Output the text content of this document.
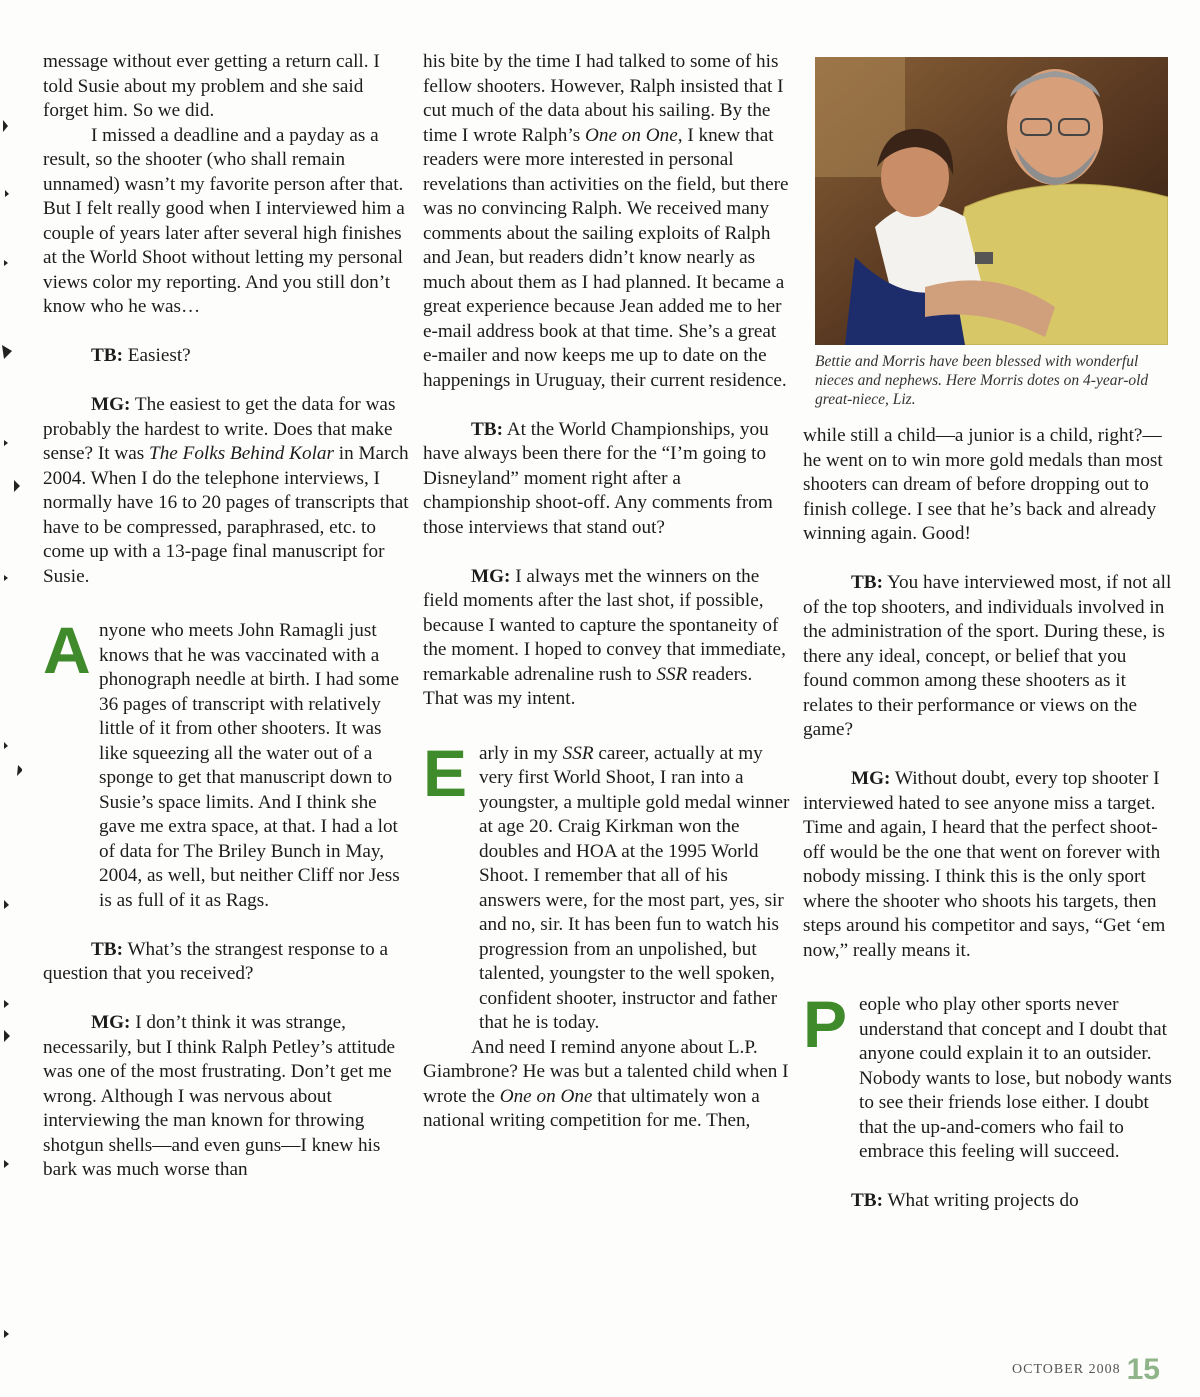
message without ever getting a return call. I told Susie about my problem and she said forget him. So we did.

I missed a deadline and a payday as a result, so the shooter (who shall remain unnamed) wasn’t my favorite person after that. But I felt really good when I interviewed him a couple of years later after several high finishes at the World Shoot without letting my personal views color my reporting. And you still don’t know who he was…

TB: Easiest?

MG: The easiest to get the data for was probably the hardest to write. Does that make sense? It was The Folks Behind Kolar in March 2004. When I do the telephone interviews, I normally have 16 to 20 pages of transcripts that have to be compressed, paraphrased, etc. to come up with a 13-page final manuscript for Susie.

Anyone who meets John Ramagli just knows that he was vaccinated with a phonograph needle at birth. I had some 36 pages of transcript with relatively little of it from other shooters. It was like squeezing all the water out of a sponge to get that manuscript down to Susie’s space limits. And I think she gave me extra space, at that. I had a lot of data for The Briley Bunch in May, 2004, as well, but neither Cliff nor Jess is as full of it as Rags.

TB: What’s the strangest response to a question that you received?

MG: I don’t think it was strange, necessarily, but I think Ralph Petley’s attitude was one of the most frustrating. Don’t get me wrong. Although I was nervous about interviewing the man known for throwing shotgun shells—and even guns—I knew his bark was much worse than

his bite by the time I had talked to some of his fellow shooters. However, Ralph insisted that I cut much of the data about his sailing. By the time I wrote Ralph’s One on One, I knew that readers were more interested in personal revelations than activities on the field, but there was no convincing Ralph. We received many comments about the sailing exploits of Ralph and Jean, but readers didn’t know nearly as much about them as I had planned. It became a great experience because Jean added me to her e-mail address book at that time. She’s a great e-mailer and now keeps me up to date on the happenings in Uruguay, their current residence.

TB: At the World Championships, you have always been there for the “I’m going to Disneyland” moment right after a championship shoot-off. Any comments from those interviews that stand out?

MG: I always met the winners on the field moments after the last shot, if possible, because I wanted to capture the spontaneity of the moment. I hoped to convey that immediate, remarkable adrenaline rush to SSR readers. That was my intent.

Early in my SSR career, actually at my very first World Shoot, I ran into a youngster, a multiple gold medal winner at age 20. Craig Kirkman won the doubles and HOA at the 1995 World Shoot. I remember that all of his answers were, for the most part, yes, sir and no, sir. It has been fun to watch his progression from an unpolished, but talented, youngster to the well spoken, confident shooter, instructor and father that he is today.

And need I remind anyone about L.P. Giambrone? He was but a talented child when I wrote the One on One that ultimately won a national writing competition for me. Then,

Bettie and Morris have been blessed with wonderful nieces and nephews. Here Morris dotes on 4-year-old great-niece, Liz.

while still a child—a junior is a child, right?—he went on to win more gold medals than most shooters can dream of before dropping out to finish college. I see that he’s back and already winning again. Good!

TB: You have interviewed most, if not all of the top shooters, and individuals involved in the administration of the sport. During these, is there any ideal, concept, or belief that you found common among these shooters as it relates to their performance or views on the game?

MG: Without doubt, every top shooter I interviewed hated to see anyone miss a target. Time and again, I heard that the perfect shoot-off would be the one that went on forever with nobody missing. I think this is the only sport where the shooter who shoots his targets, then steps around his competitor and says, “Get ‘em now,” really means it.

People who play other sports never understand that concept and I doubt that anyone could explain it to an outsider. Nobody wants to lose, but nobody wants to see their friends lose either. I doubt that the up-and-comers who fail to embrace this feeling will succeed.

TB: What writing projects do

OCTOBER 2008 15
